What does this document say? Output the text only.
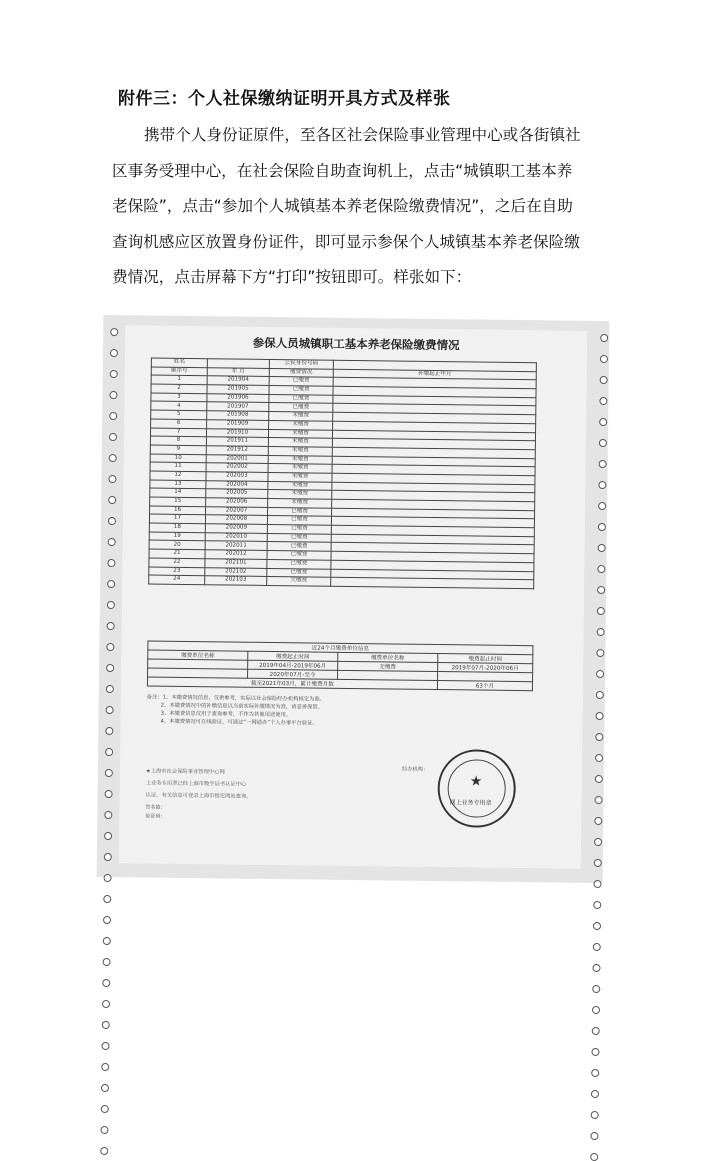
附件三：个人社保缴纳证明开具方式及样张
携带个人身份证原件，至各区社会保险事业管理中心或各街镇社
区事务受理中心，在社会保险自助查询机上，点击“城镇职工基本养
老保险”，点击“参加个人城镇基本养老保险缴费情况”，之后在自助
查询机感应区放置身份证件，即可显示参保个人城镇基本养老保险缴
费情况，点击屏幕下方“打印”按钮即可。样张如下：
参保人员城镇职工基本养老保险缴费情况
姓名		公民身份号码	
顺序号	年 月	缴费情况	补缴起止年月
1	201904	已缴费	
2	201905	已缴费	
3	201906	已缴费	
4	201907	已缴费	
5	201908	未缴费	
6	201909	未缴费	
7	201910	未缴费	
8	201911	未缴费	
9	201912	未缴费	
10	202001	未缴费	
11	202002	未缴费	
12	202003	未缴费	
13	202004	未缴费	
14	202005	未缴费	
15	202006	未缴费	
16	202007	已缴费	
17	202008	已缴费	
18	202009	已缴费	
19	202010	已缴费	
20	202011	已缴费	
21	202012	已缴费	
22	202101	已缴费	
23	202102	已缴费	
24	202103	欠缴费	
近24个月缴费单位信息			
缴费单位名称	缴费起止时间	缴费单位名称	缴费起止时间
	2019年04月-2019年06月	无缴费	2019年07月-2020年06月
	2020年07月-至今		
截至2021年03月，累计缴费月数			63个月
备注：1、本缴费情况信息，仅供参考，实际以社会保险经办机构核定为准。
2、本缴费情况中的补缴信息以当前实际补缴情况为准，请妥善保管。
3、本缴费信息仅用于查询参考，不作为其他用途使用。
4、本缴费情况可在线验证，可通过“一网通办”个人办事平台验证。
★上海市社会保险事业管理中心网
上业务专用章已经上海市数字证书认证中心
认证，有关信息可登录上海市指定网站查询。
经办机构：
★
网上业务专用章
签名值：
验证码：
